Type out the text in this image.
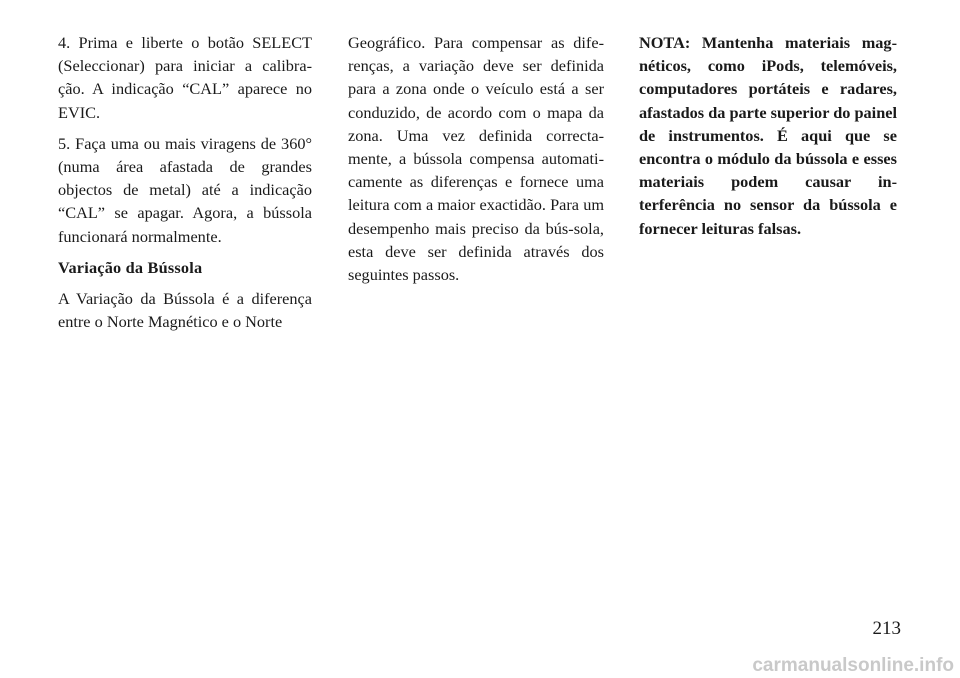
4. Prima e liberte o botão SELECT (Seleccionar) para iniciar a calibra-ção. A indicação “CAL” aparece no EVIC.

5. Faça uma ou mais viragens de 360° (numa área afastada de grandes objectos de metal) até a indicação “CAL” se apagar. Agora, a bússola funcionará normalmente.

Variação da Bússola

A Variação da Bússola é a diferença entre o Norte Magnético e o Norte

Geográfico. Para compensar as dife-renças, a variação deve ser definida para a zona onde o veículo está a ser conduzido, de acordo com o mapa da zona. Uma vez definida correcta-mente, a bússola compensa automati-camente as diferenças e fornece uma leitura com a maior exactidão. Para um desempenho mais preciso da bús-sola, esta deve ser definida através dos seguintes passos.

NOTA: Mantenha materiais mag-néticos, como iPods, telemóveis, computadores portáteis e radares, afastados da parte superior do painel de instrumentos. É aqui que se encontra o módulo da bússola e esses materiais podem causar in-terferência no sensor da bússola e fornecer leituras falsas.

213
carmanualsonline.info
